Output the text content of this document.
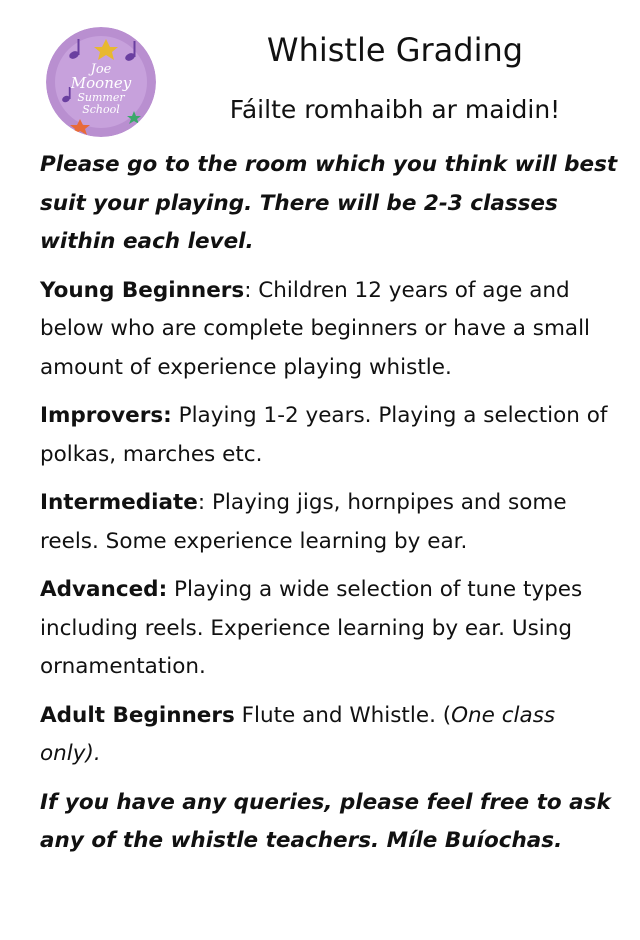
Joe
Mooney
Summer
School
Whistle Grading
Fáilte romhaibh ar maidin!

Please go to the room which you think will best suit your playing. There will be 2-3 classes within each level.

Young Beginners: Children 12 years of age and below who are complete beginners or have a small amount of experience playing whistle.

Improvers: Playing 1-2 years. Playing a selection of polkas, marches etc.

Intermediate: Playing jigs, hornpipes and some reels. Some experience learning by ear.

Advanced: Playing a wide selection of tune types including reels. Experience learning by ear. Using ornamentation.

Adult Beginners Flute and Whistle. (One class only).

If you have any queries, please feel free to ask any of the whistle teachers. Míle Buíochas.
